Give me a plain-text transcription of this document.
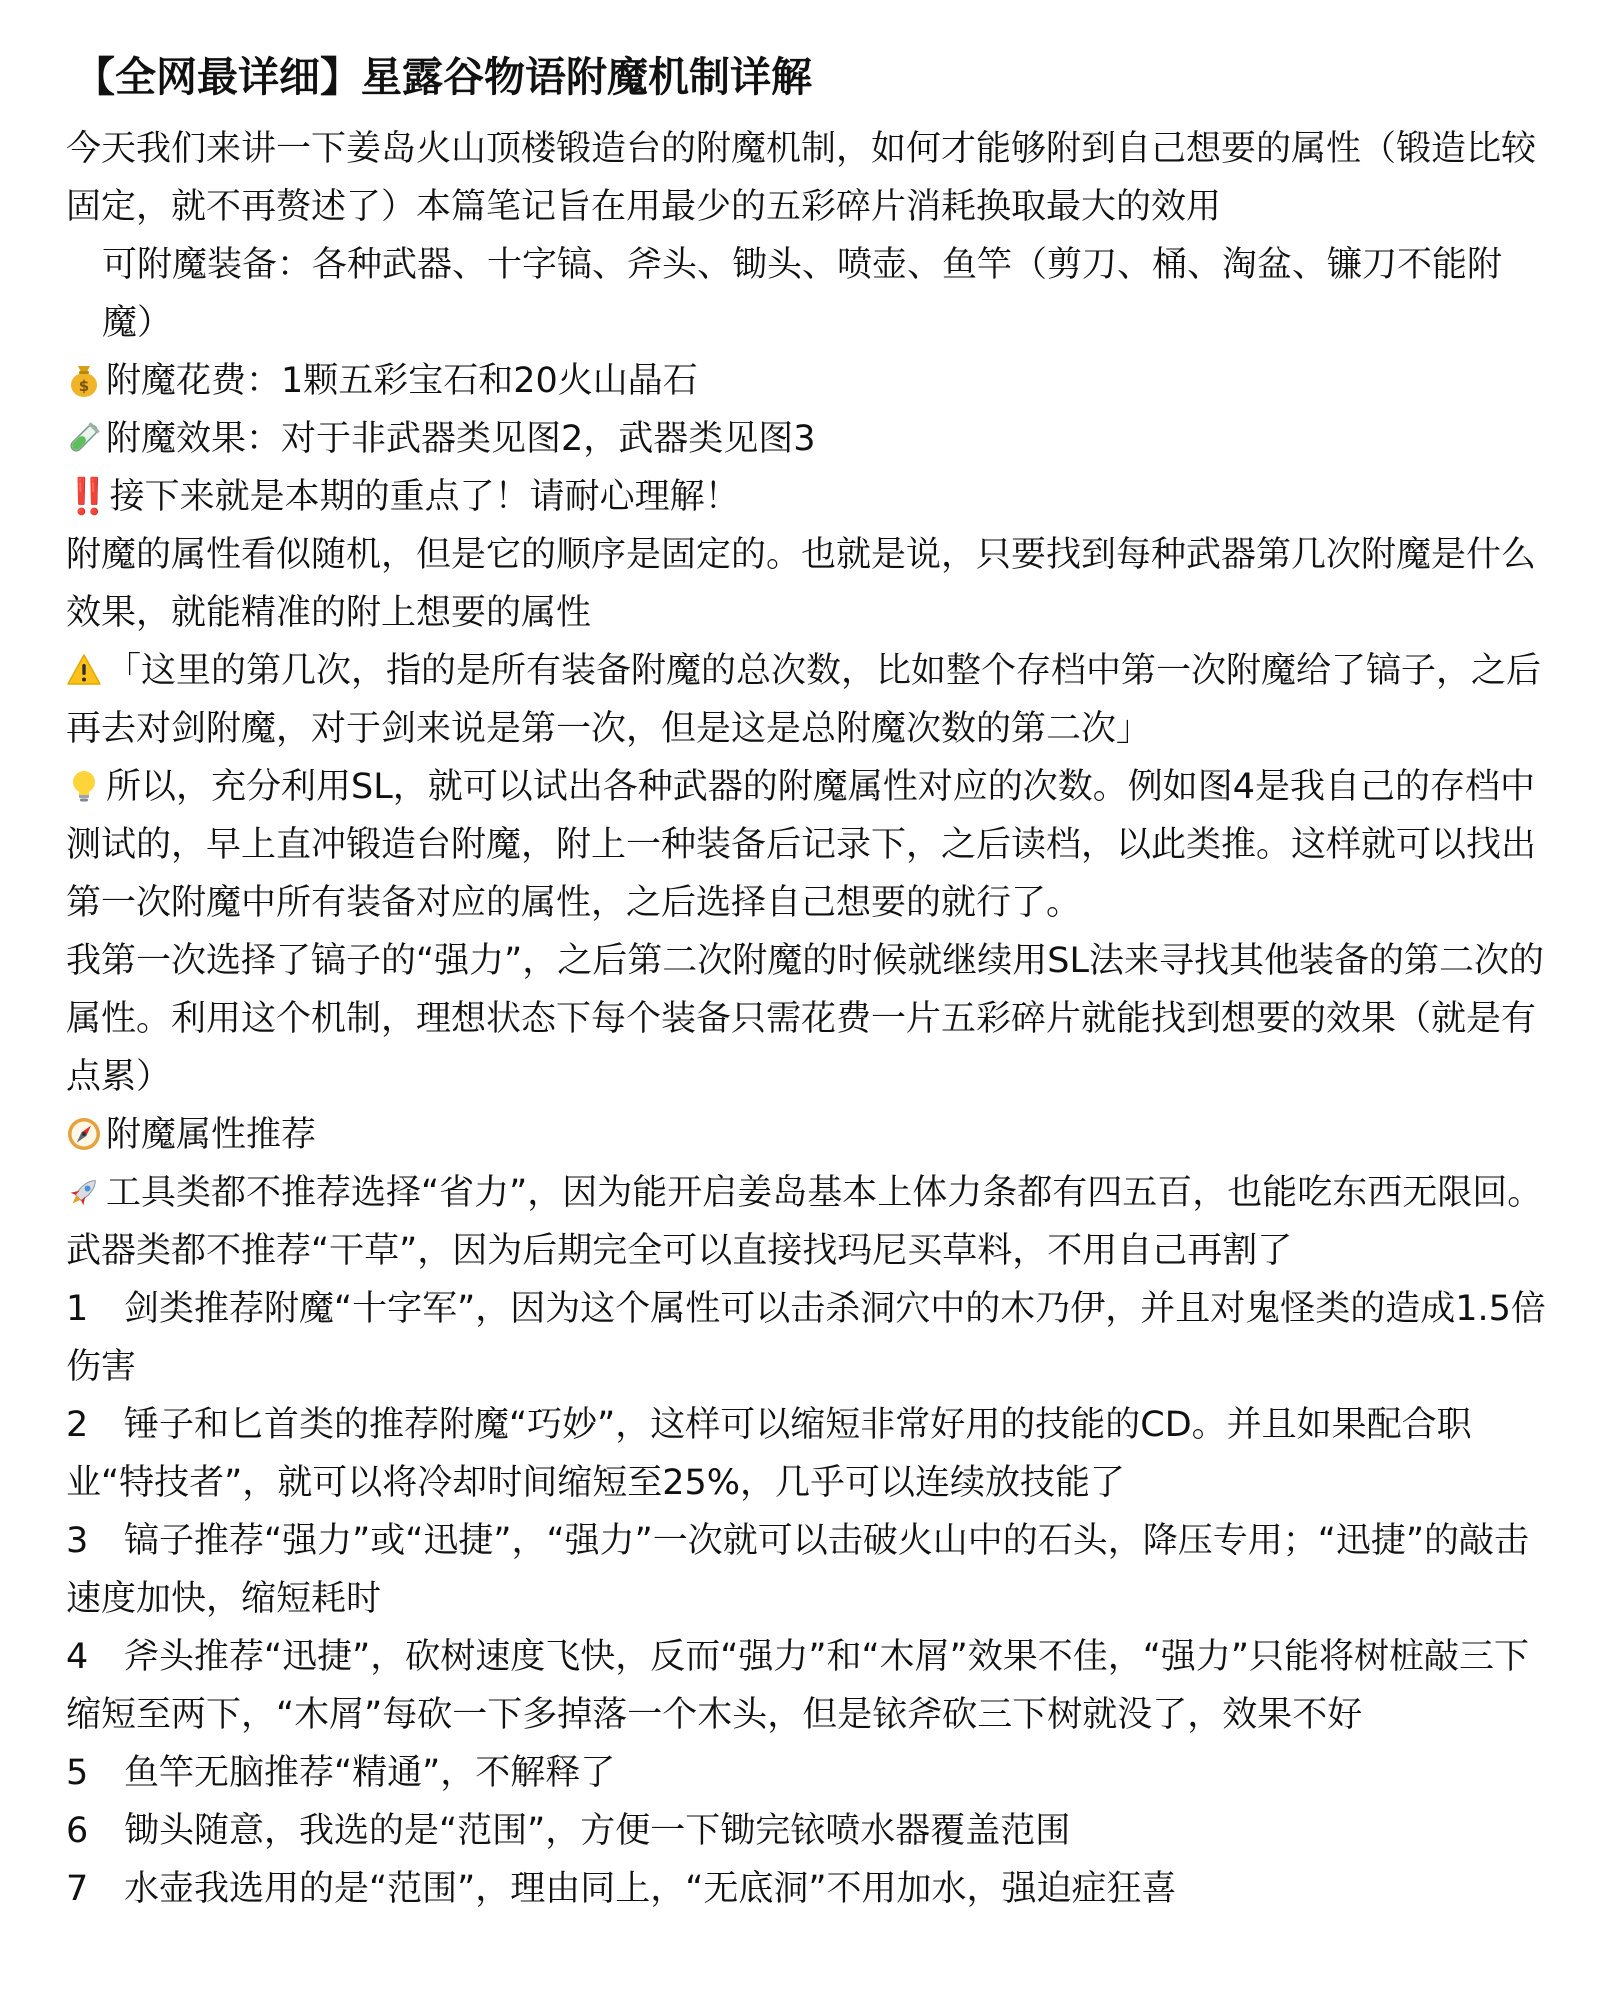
【全网最详细】星露谷物语附魔机制详解

今天我们来讲一下姜岛火山顶楼锻造台的附魔机制，如何才能够附到自己想要的属性（锻造比较固定，就不再赘述了）本篇笔记旨在用最少的五彩碎片消耗换取最大的效用

可附魔装备：各种武器、十字镐、斧头、锄头、喷壶、鱼竿（剪刀、桶、淘盆、镰刀不能附魔）

$ 附魔花费：1颗五彩宝石和20火山晶石

附魔效果：对于非武器类见图2，武器类见图3

‼️接下来就是本期的重点了！请耐心理解！

附魔的属性看似随机，但是它的顺序是固定的。也就是说，只要找到每种武器第几次附魔是什么效果，就能精准的附上想要的属性

「这里的第几次，指的是所有装备附魔的总次数，比如整个存档中第一次附魔给了镐子，之后再去对剑附魔，对于剑来说是第一次，但是这是总附魔次数的第二次」

所以，充分利用SL，就可以试出各种武器的附魔属性对应的次数。例如图4是我自己的存档中测试的，早上直冲锻造台附魔，附上一种装备后记录下，之后读档，以此类推。这样就可以找出第一次附魔中所有装备对应的属性，之后选择自己想要的就行了。

我第一次选择了镐子的“强力”，之后第二次附魔的时候就继续用SL法来寻找其他装备的第二次的属性。利用这个机制，理想状态下每个装备只需花费一片五彩碎片就能找到想要的效果（就是有点累）

附魔属性推荐

工具类都不推荐选择“省力”，因为能开启姜岛基本上体力条都有四五百，也能吃东西无限回。武器类都不推荐“干草”，因为后期完全可以直接找玛尼买草料，不用自己再割了

1 剑类推荐附魔“十字军”，因为这个属性可以击杀洞穴中的木乃伊，并且对鬼怪类的造成1.5倍伤害

2 锤子和匕首类的推荐附魔“巧妙”，这样可以缩短非常好用的技能的CD。并且如果配合职业“特技者”，就可以将冷却时间缩短至25%，几乎可以连续放技能了

3 镐子推荐“强力”或“迅捷”，“强力”一次就可以击破火山中的石头，降压专用；“迅捷”的敲击速度加快，缩短耗时

4 斧头推荐“迅捷”，砍树速度飞快，反而“强力”和“木屑”效果不佳，“强力”只能将树桩敲三下缩短至两下，“木屑”每砍一下多掉落一个木头，但是铱斧砍三下树就没了，效果不好

5 鱼竿无脑推荐“精通”，不解释了

6 锄头随意，我选的是“范围”，方便一下锄完铱喷水器覆盖范围

7 水壶我选用的是“范围”，理由同上，“无底洞”不用加水，强迫症狂喜
